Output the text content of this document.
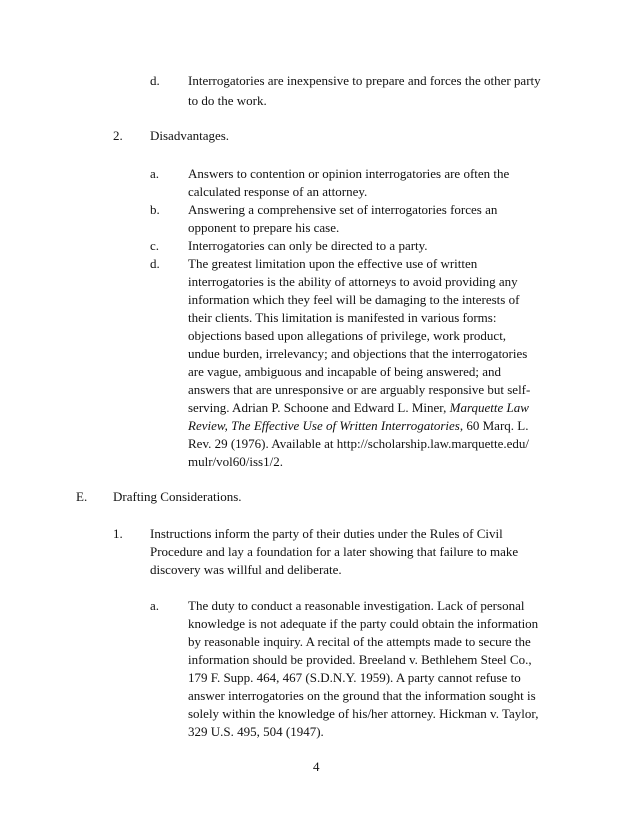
d. Interrogatories are inexpensive to prepare and forces the other party
to do the work.
2. Disadvantages.
a. Answers to contention or opinion interrogatories are often the
calculated response of an attorney.
b. Answering a comprehensive set of interrogatories forces an
opponent to prepare his case.
c. Interrogatories can only be directed to a party.
d. The greatest limitation upon the effective use of written
interrogatories is the ability of attorneys to avoid providing any
information which they feel will be damaging to the interests of
their clients. This limitation is manifested in various forms:
objections based upon allegations of privilege, work product,
undue burden, irrelevancy; and objections that the interrogatories
are vague, ambiguous and incapable of being answered; and
answers that are unresponsive or are arguably responsive but self-
serving. Adrian P. Schoone and Edward L. Miner, Marquette Law
Review, The Effective Use of Written Interrogatories, 60 Marq. L.
Rev. 29 (1976). Available at http://scholarship.law.marquette.edu/
mulr/vol60/iss1/2.
E. Drafting Considerations.
1. Instructions inform the party of their duties under the Rules of Civil
Procedure and lay a foundation for a later showing that failure to make
discovery was willful and deliberate.
a. The duty to conduct a reasonable investigation. Lack of personal
knowledge is not adequate if the party could obtain the information
by reasonable inquiry. A recital of the attempts made to secure the
information should be provided. Breeland v. Bethlehem Steel Co.,
179 F. Supp. 464, 467 (S.D.N.Y. 1959). A party cannot refuse to
answer interrogatories on the ground that the information sought is
solely within the knowledge of his/her attorney. Hickman v. Taylor,
329 U.S. 495, 504 (1947).
4
